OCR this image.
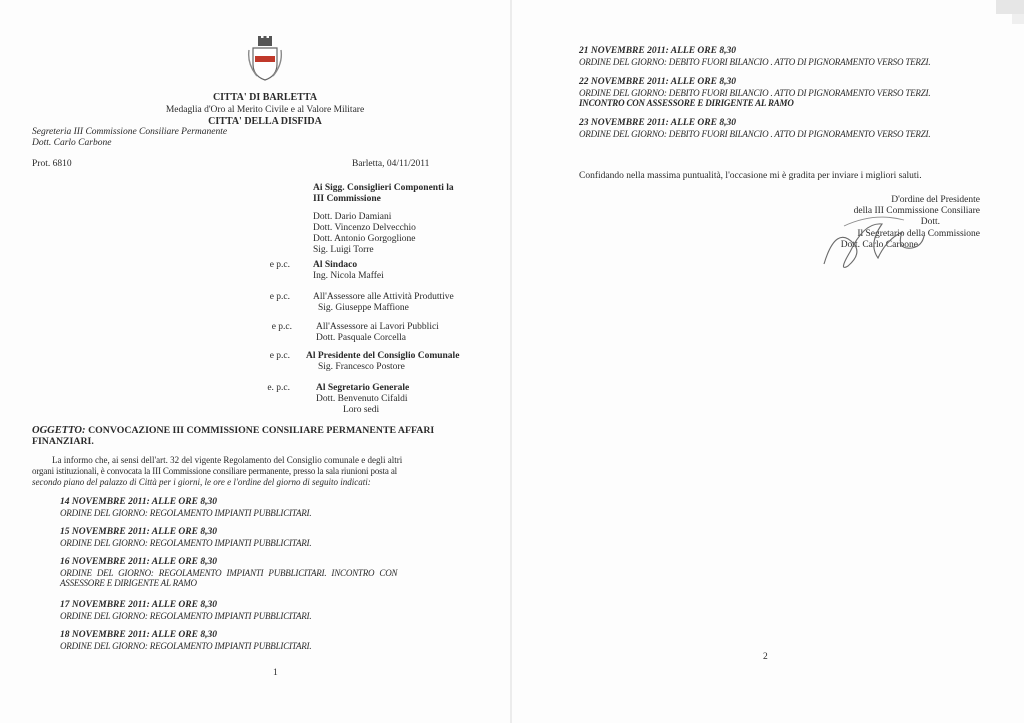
CITTA' DI BARLETTA
Medaglia d'Oro al Merito Civile e al Valore Militare
CITTA' DELLA DISFIDA
Segreteria III Commissione Consiliare Permanente
Dott. Carlo Carbone
Prot. 6810	Barletta, 04/11/2011
Ai Sigg. Consiglieri Componenti la
III Commissione
Dott. Dario Damiani
Dott. Vincenzo Delvecchio
Dott. Antonio Gorgoglione
Sig. Luigi Torre
e p.c. Al Sindaco
Ing. Nicola Maffei
e p.c. All'Assessore alle Attività Produttive
Sig. Giuseppe Maffione
e p.c.	All'Assessore ai Lavori Pubblici
Dott. Pasquale Corcella
e p.c. Al Presidente del Consiglio Comunale
Sig. Francesco Postore
e. p.c.	Al Segretario Generale
Dott. Benvenuto Cifaldi
Loro sedi
OGGETTO: CONVOCAZIONE III COMMISSIONE CONSILIARE PERMANENTE AFFARI
FINANZIARI.
La informo che, ai sensi dell'art. 32 del vigente Regolamento del Consiglio comunale e degli altri
organi istituzionali, è convocata la III Commissione consiliare permanente, presso la sala riunioni posta al
secondo piano del palazzo di Città per i giorni, le ore e l'ordine del giorno di seguito indicati:
14 NOVEMBRE 2011: ALLE ORE 8,30
ORDINE DEL GIORNO: REGOLAMENTO IMPIANTI PUBBLICITARI.
15 NOVEMBRE 2011: ALLE ORE 8,30
ORDINE DEL GIORNO: REGOLAMENTO IMPIANTI PUBBLICITARI.
16 NOVEMBRE 2011: ALLE ORE 8,30
ORDINE DEL GIORNO: REGOLAMENTO IMPIANTI PUBBLICITARI. INCONTRO CON
ASSESSORE E DIRIGENTE AL RAMO
17 NOVEMBRE 2011: ALLE ORE 8,30
ORDINE DEL GIORNO: REGOLAMENTO IMPIANTI PUBBLICITARI.
18 NOVEMBRE 2011: ALLE ORE 8,30
ORDINE DEL GIORNO: REGOLAMENTO IMPIANTI PUBBLICITARI.
1
21 NOVEMBRE 2011: ALLE ORE 8,30
ORDINE DEL GIORNO: DEBITO FUORI BILANCIO . ATTO DI PIGNORAMENTO VERSO TERZI.
22 NOVEMBRE 2011: ALLE ORE 8,30
ORDINE DEL GIORNO: DEBITO FUORI BILANCIO . ATTO DI PIGNORAMENTO VERSO TERZI.
INCONTRO CON ASSESSORE E DIRIGENTE AL RAMO
23 NOVEMBRE 2011: ALLE ORE 8,30
ORDINE DEL GIORNO: DEBITO FUORI BILANCIO . ATTO DI PIGNORAMENTO VERSO TERZI.
Confidando nella massima puntualità, l'occasione mi è gradita per inviare i migliori saluti.
D'ordine del Presidente
della III Commissione Consiliare
Dott.
Il Segretario della Commissione
Dott. Carlo Carbone
2
